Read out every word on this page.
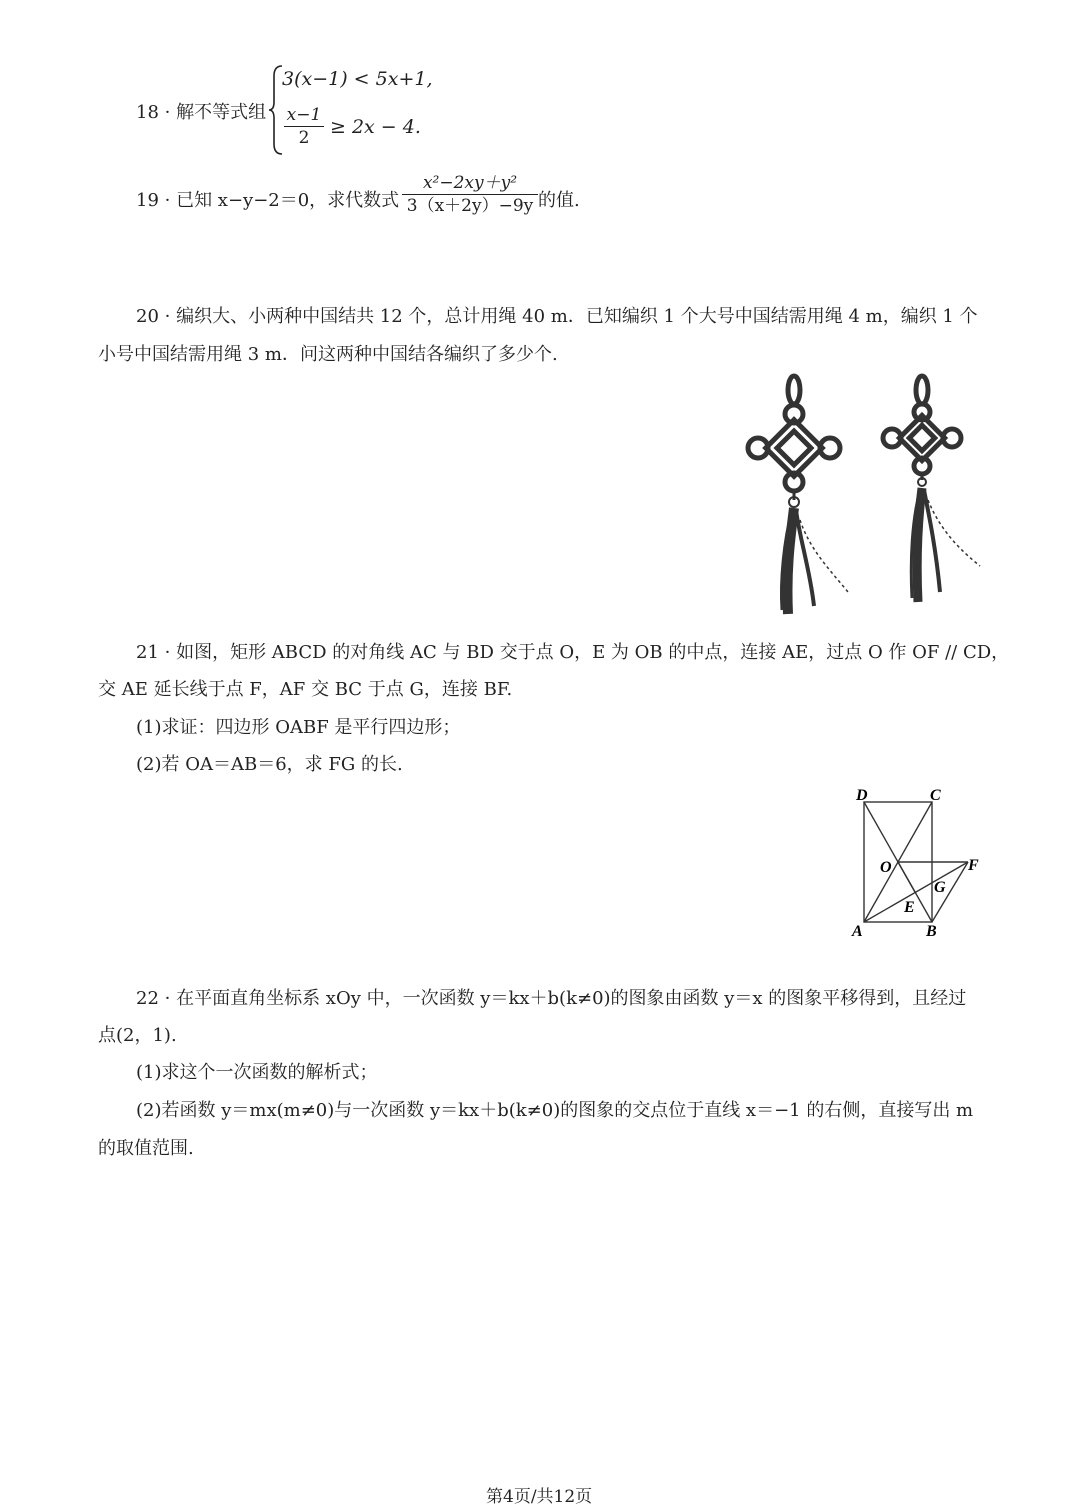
18 · 解不等式组
3(x−1) < 5x+1,
x−1
2 ≥ 2x − 4.
19 · 已知 x−y−2＝0，求代数式
x²−2xy＋y²
3（x＋2y）−9y 的值.
20 · 编织大、小两种中国结共 12 个，总计用绳 40 m．已知编织 1 个大号中国结需用绳 4 m，编织 1 个
小号中国结需用绳 3 m．问这两种中国结各编织了多少个.
21 · 如图，矩形 ABCD 的对角线 AC 与 BD 交于点 O，E 为 OB 的中点，连接 AE，过点 O 作 OF // CD，
交 AE 延长线于点 F，AF 交 BC 于点 G，连接 BF.
(1)求证：四边形 OABF 是平行四边形；
(2)若 OA＝AB＝6，求 FG 的长.
D	C
O	F
G
E
A	B
22 · 在平面直角坐标系 xOy 中，一次函数 y＝kx＋b(k≠0)的图象由函数 y＝x 的图象平移得到，且经过
点(2，1).
(1)求这个一次函数的解析式；
(2)若函数 y＝mx(m≠0)与一次函数 y＝kx＋b(k≠0)的图象的交点位于直线 x＝−1 的右侧，直接写出 m
的取值范围.
第4页/共12页
